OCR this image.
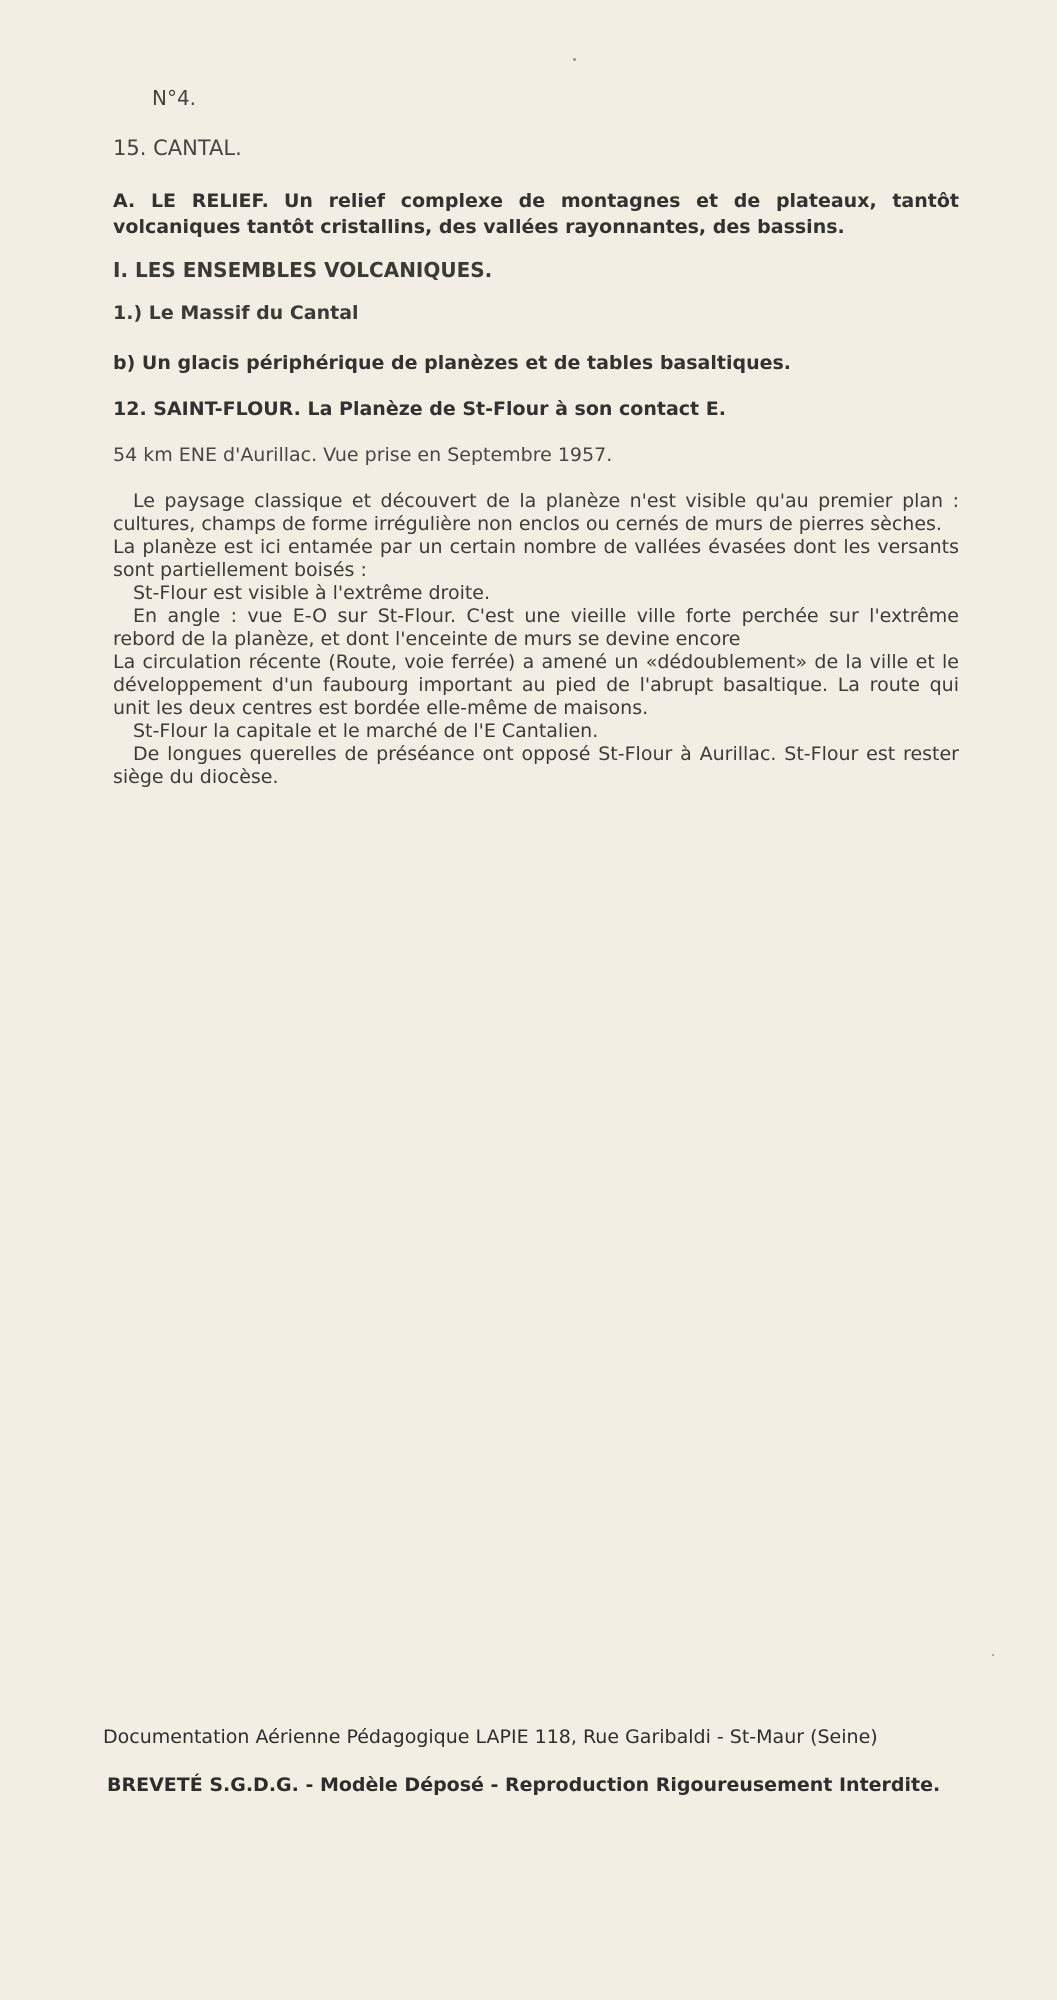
N°4.
15. CANTAL.
A. LE RELIEF. Un relief complexe de montagnes et de plateaux, tantôt volcaniques tantôt cristallins, des vallées rayonnantes, des bassins.
I. LES ENSEMBLES VOLCANIQUES.
1.) Le Massif du Cantal
b) Un glacis périphérique de planèzes et de tables basaltiques.
12. SAINT-FLOUR. La Planèze de St-Flour à son contact E.
54 km ENE d'Aurillac. Vue prise en Septembre 1957.

Le paysage classique et découvert de la planèze n'est visible qu'au premier plan : cultures, champs de forme irrégulière non enclos ou cernés de murs de pierres sèches.

La planèze est ici entamée par un certain nombre de vallées évasées dont les versants sont partiellement boisés :

St-Flour est visible à l'extrême droite.

En angle : vue E-O sur St-Flour. C'est une vieille ville forte perchée sur l'extrême rebord de la planèze, et dont l'enceinte de murs se devine encore

La circulation récente (Route, voie ferrée) a amené un «dédoublement» de la ville et le développement d'un faubourg important au pied de l'abrupt basaltique. La route qui unit les deux centres est bordée elle-même de maisons.

St-Flour la capitale et le marché de l'E Cantalien.

De longues querelles de préséance ont opposé St-Flour à Aurillac. St-Flour est rester siège du diocèse.

Documentation Aérienne Pédagogique LAPIE 118, Rue Garibaldi - St-Maur (Seine)
BREVETÉ S.G.D.G. - Modèle Déposé - Reproduction Rigoureusement Interdite.
